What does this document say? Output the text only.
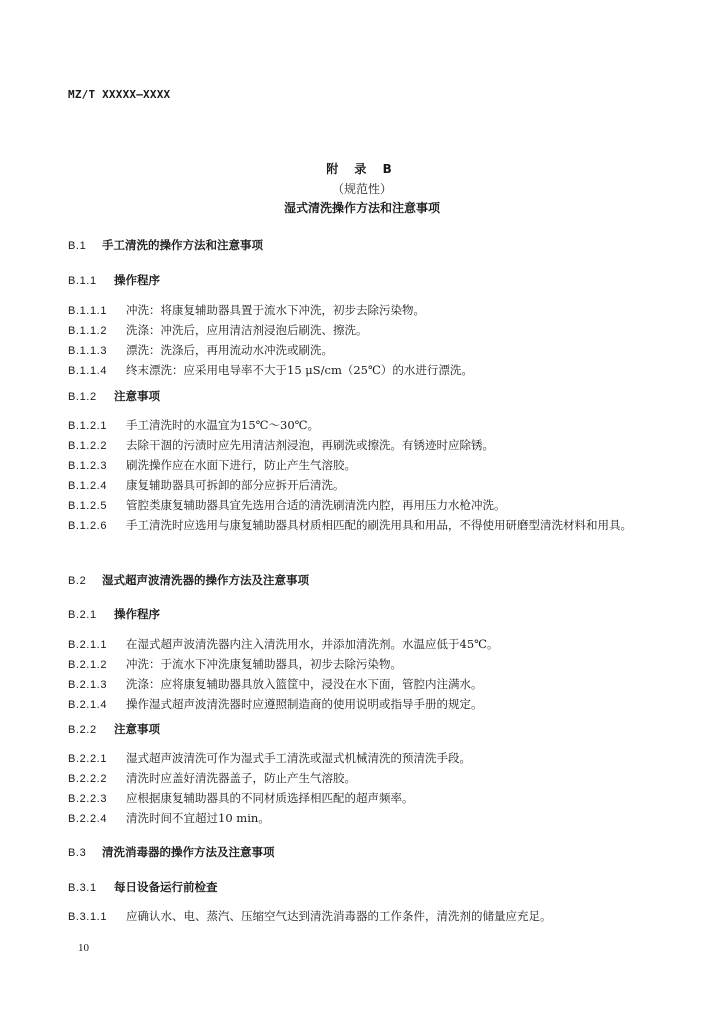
MZ/T XXXXX—XXXX
附 录 B
（规范性）
湿式清洗操作方法和注意事项
B.1 手工清洗的操作方法和注意事项
B.1.1 操作程序
B.1.1.1 冲洗：将康复辅助器具置于流水下冲洗，初步去除污染物。
B.1.1.2 洗涤：冲洗后，应用清洁剂浸泡后刷洗、擦洗。
B.1.1.3 漂洗：洗涤后，再用流动水冲洗或刷洗。
B.1.1.4 终末漂洗：应采用电导率不大于15 μS/cm（25℃）的水进行漂洗。
B.1.2 注意事项
B.1.2.1 手工清洗时的水温宜为15℃～30℃。
B.1.2.2 去除干涸的污渍时应先用清洁剂浸泡，再刷洗或擦洗。有锈迹时应除锈。
B.1.2.3 刷洗操作应在水面下进行，防止产生气溶胶。
B.1.2.4 康复辅助器具可拆卸的部分应拆开后清洗。
B.1.2.5 管腔类康复辅助器具宜先选用合适的清洗刷清洗内腔，再用压力水枪冲洗。
B.1.2.6 手工清洗时应选用与康复辅助器具材质相匹配的刷洗用具和用品，不得使用研磨型清洗材料和用具。
B.2 湿式超声波清洗器的操作方法及注意事项
B.2.1 操作程序
B.2.1.1 在湿式超声波清洗器内注入清洗用水，并添加清洗剂。水温应低于45℃。
B.2.1.2 冲洗：于流水下冲洗康复辅助器具，初步去除污染物。
B.2.1.3 洗涤：应将康复辅助器具放入篮筐中，浸没在水下面，管腔内注满水。
B.2.1.4 操作湿式超声波清洗器时应遵照制造商的使用说明或指导手册的规定。
B.2.2 注意事项
B.2.2.1 湿式超声波清洗可作为湿式手工清洗或湿式机械清洗的预清洗手段。
B.2.2.2 清洗时应盖好清洗器盖子，防止产生气溶胶。
B.2.2.3 应根据康复辅助器具的不同材质选择相匹配的超声频率。
B.2.2.4 清洗时间不宜超过10 min。
B.3 清洗消毒器的操作方法及注意事项
B.3.1 每日设备运行前检查
B.3.1.1 应确认水、电、蒸汽、压缩空气达到清洗消毒器的工作条件，清洗剂的储量应充足。
10
